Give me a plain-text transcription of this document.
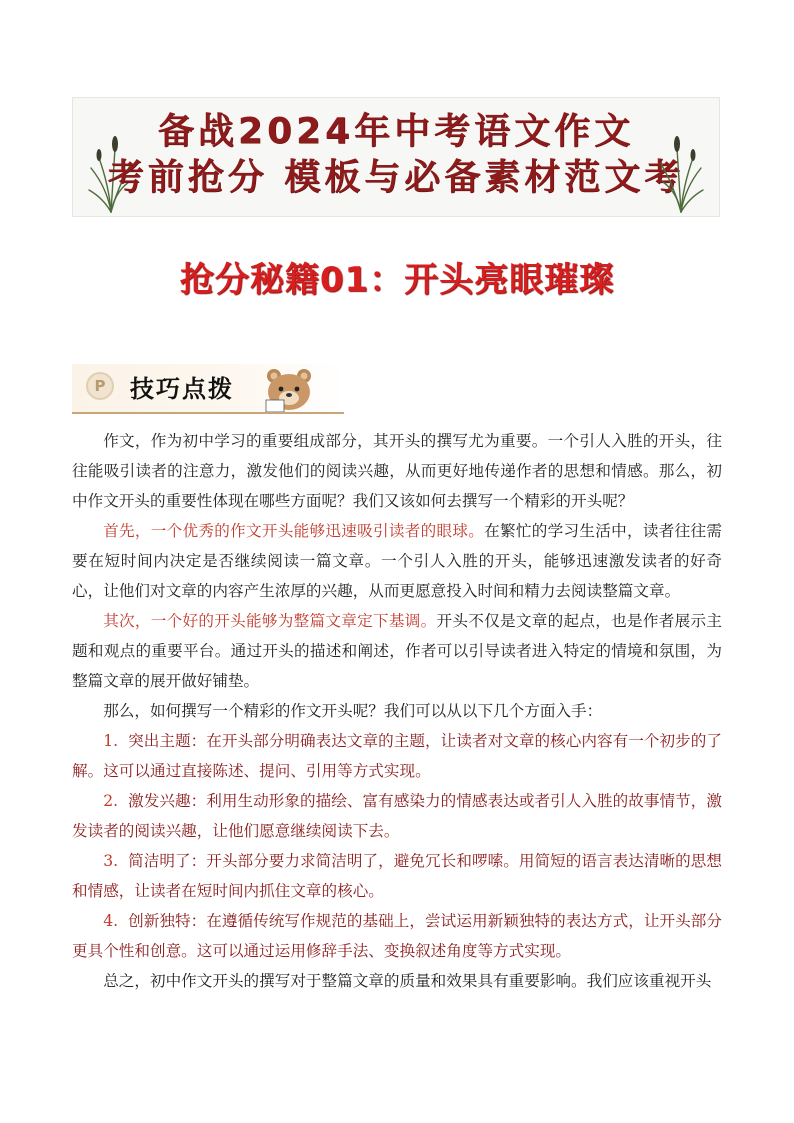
备战2024年中考语文作文
考前抢分 模板与必备素材范文考
抢分秘籍01：开头亮眼璀璨
P	技巧点拨

作文，作为初中学习的重要组成部分，其开头的撰写尤为重要。一个引人入胜的开头，往往能吸引读者的注意力，激发他们的阅读兴趣，从而更好地传递作者的思想和情感。那么，初中作文开头的重要性体现在哪些方面呢？我们又该如何去撰写一个精彩的开头呢？

首先，一个优秀的作文开头能够迅速吸引读者的眼球。在繁忙的学习生活中，读者往往需要在短时间内决定是否继续阅读一篇文章。一个引人入胜的开头，能够迅速激发读者的好奇心，让他们对文章的内容产生浓厚的兴趣，从而更愿意投入时间和精力去阅读整篇文章。

其次，一个好的开头能够为整篇文章定下基调。开头不仅是文章的起点，也是作者展示主题和观点的重要平台。通过开头的描述和阐述，作者可以引导读者进入特定的情境和氛围，为整篇文章的展开做好铺垫。

那么，如何撰写一个精彩的作文开头呢？我们可以从以下几个方面入手：

1. 突出主题：在开头部分明确表达文章的主题，让读者对文章的核心内容有一个初步的了解。这可以通过直接陈述、提问、引用等方式实现。

2. 激发兴趣：利用生动形象的描绘、富有感染力的情感表达或者引人入胜的故事情节，激发读者的阅读兴趣，让他们愿意继续阅读下去。

3. 简洁明了：开头部分要力求简洁明了，避免冗长和啰嗦。用简短的语言表达清晰的思想和情感，让读者在短时间内抓住文章的核心。

4. 创新独特：在遵循传统写作规范的基础上，尝试运用新颖独特的表达方式，让开头部分更具个性和创意。这可以通过运用修辞手法、变换叙述角度等方式实现。

总之，初中作文开头的撰写对于整篇文章的质量和效果具有重要影响。我们应该重视开头
